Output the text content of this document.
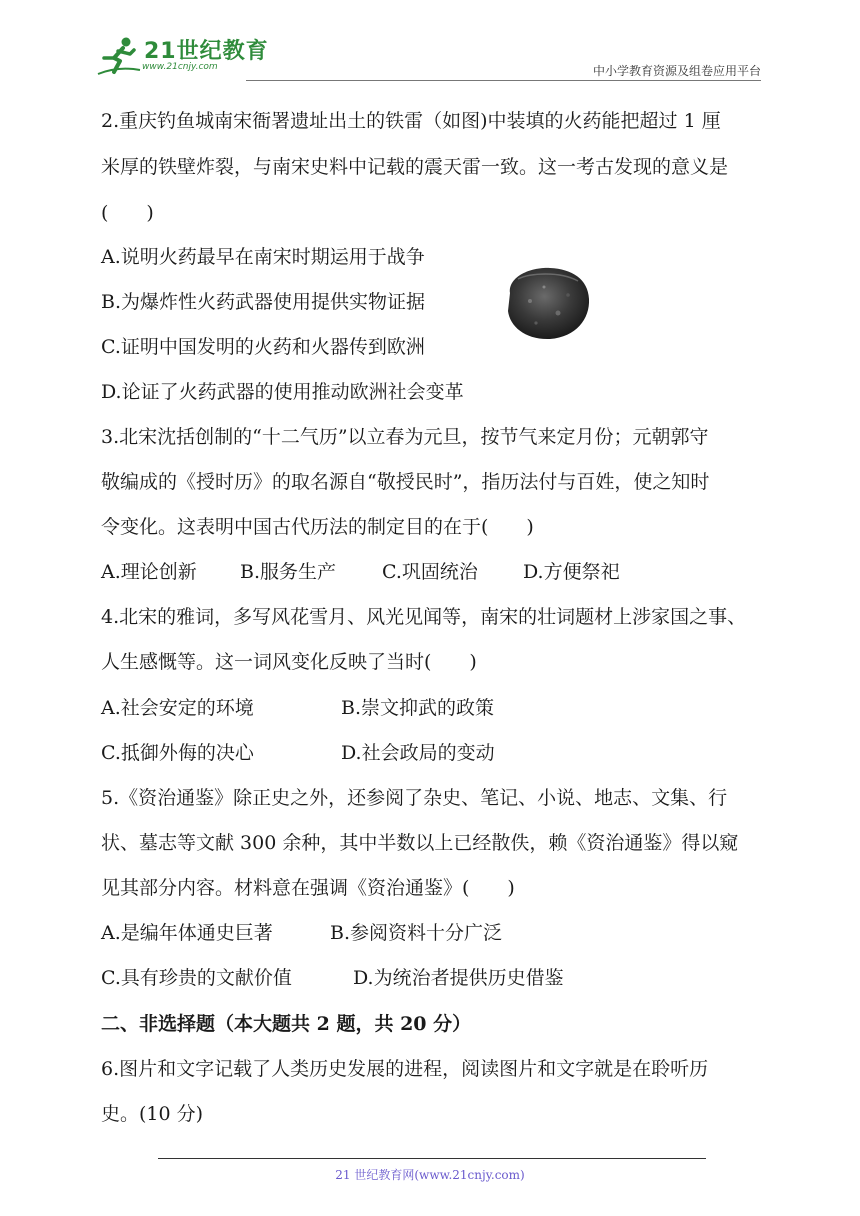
21世纪教育
www.21cnjy.com	中小学教育资源及组卷应用平台
2.重庆钓鱼城南宋衙署遗址出土的铁雷（如图)中装填的火药能把超过 1 厘
米厚的铁壁炸裂，与南宋史料中记载的震天雷一致。这一考古发现的意义是
(　　)
A.说明火药最早在南宋时期运用于战争
B.为爆炸性火药武器使用提供实物证据
C.证明中国发明的火药和火器传到欧洲
D.论证了火药武器的使用推动欧洲社会变革
3.北宋沈括创制的“十二气历”以立春为元旦，按节气来定月份；元朝郭守
敬编成的《授时历》的取名源自“敬授民时”，指历法付与百姓，使之知时
令变化。这表明中国古代历法的制定目的在于(　　)
A.理论创新 B.服务生产 C.巩固统治 D.方便祭祀
4.北宋的雅词，多写风花雪月、风光见闻等，南宋的壮词题材上涉家国之事、
人生感慨等。这一词风变化反映了当时(　　)
A.社会安定的环境	B.崇文抑武的政策
C.抵御外侮的决心	D.社会政局的变动
5.《资治通鉴》除正史之外，还参阅了杂史、笔记、小说、地志、文集、行
状、墓志等文献 300 余种，其中半数以上已经散佚，赖《资治通鉴》得以窥
见其部分内容。材料意在强调《资治通鉴》(　　)
A.是编年体通史巨著	B.参阅资料十分广泛
C.具有珍贵的文献价值	D.为统治者提供历史借鉴
二、非选择题（本大题共 2 题，共 20 分）
6.图片和文字记载了人类历史发展的进程，阅读图片和文字就是在聆听历
史。(10 分)
21 世纪教育网(www.21cnjy.com)
